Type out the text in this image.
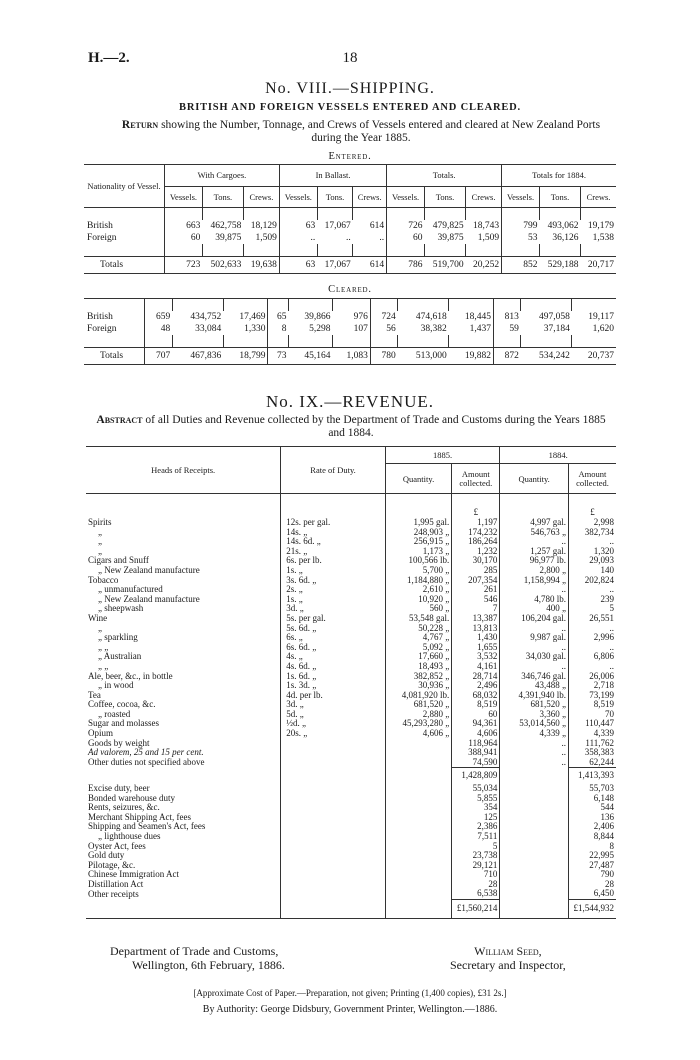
H.—2.	18
No. VIII.—SHIPPING.
BRITISH AND FOREIGN VESSELS ENTERED AND CLEARED.
Return showing the Number, Tonnage, and Crews of Vessels entered and cleared at New Zealand Ports during the Year 1885.
Entered.
Nationality of Vessel.	With Cargoes.			In Ballast.			Totals.			Totals for 1884.		
	Vessels.	Tons.	Crews.	Vessels.	Tons.	Crews.	Vessels.	Tons.	Crews.	Vessels.	Tons.	Crews.

British	663	462,758	18,129	63	17,067	614	726	479,825	18,743	799	493,062	19,179
Foreign	60	39,875	1,509	..	..	..	60	39,875	1,509	53	36,126	1,538

Totals	723	502,633	19,638	63	17,067	614	786	519,700	20,252	852	529,188	20,717
Cleared.

British	659	434,752	17,469	65	39,866	976	724	474,618	18,445	813	497,058	19,117
Foreign	48	33,084	1,330	8	5,298	107	56	38,382	1,437	59	37,184	1,620

Totals	707	467,836	18,799	73	45,164	1,083	780	513,000	19,882	872	534,242	20,737
No. IX.—REVENUE.
Abstract of all Duties and Revenue collected by the Department of Trade and Customs during the Years 1885 and 1884.
Heads of Receipts.	Rate of Duty.	1885.		1884.	
		Quantity.	Amount collected.	Quantity.	Amount collected.
			£		£
Spirits	12s. per gal.	1,995 gal.	1,197	4,997 gal.	2,998
„	14s. „	248,903 „	174,232	546,763 „	382,734
„	14s. 6d. „	256,915 „	186,264	..	..
„	21s. „	1,173 „	1,232	1,257 gal.	1,320
Cigars and Snuff	6s. per lb.	100,566 lb.	30,170	96,977 lb.	29,093
„ New Zealand manufacture	1s. „	5,700 „	285	2,800 „	140
Tobacco	3s. 6d. „	1,184,880 „	207,354	1,158,994 „	202,824
„ unmanufactured	2s. „	2,610 „	261	..	..
„ New Zealand manufacture	1s. „	10,920 „	546	4,780 lb.	239
„ sheepwash	3d. „	560 „	7	400 „	5
Wine	5s. per gal.	53,548 gal.	13,387	106,204 gal.	26,551
„	5s. 6d. „	50,228 „	13,813	..	..
„ sparkling	6s. „	4,767 „	1,430	9,987 gal.	2,996
„ „	6s. 6d. „	5,092 „	1,655	..	..
„ Australian	4s. „	17,660 „	3,532	34,030 gal.	6,806
„ „	4s. 6d. „	18,493 „	4,161	..	..
Ale, beer, &c., in bottle	1s. 6d. „	382,852 „	28,714	346,746 gal.	26,006
„ in wood	1s. 3d. „	30,936 „	2,496	43,488 „	2,718
Tea	4d. per lb.	4,081,920 lb.	68,032	4,391,940 lb.	73,199
Coffee, cocoa, &c.	3d. „	681,520 „	8,519	681,520 „	8,519
„ roasted	5d. „	2,880 „	60	3,360 „	70
Sugar and molasses	½d. „	45,293,280 „	94,361	53,014,560 „	110,447
Opium	20s. „	4,606 „	4,606	4,339 „	4,339
Goods by weight			118,964	..	111,762
Ad valorem, 25 and 15 per cent.			388,941	..	358,383
Other duties not specified above			74,590	..	62,244
			1,428,809		1,413,393
Excise duty, beer			55,034		55,703
Bonded warehouse duty			5,855		6,148
Rents, seizures, &c.			354		544
Merchant Shipping Act, fees			125		136
Shipping and Seamen's Act, fees			2,386		2,406
„ lighthouse dues			7,511		8,844
Oyster Act, fees			5		8
Gold duty			23,738		22,995
Pilotage, &c.			29,121		27,487
Chinese Immigration Act			710		790
Distillation Act			28		28
Other receipts			6,538		6,450
			£1,560,214		£1,544,932
Department of Trade and Customs,
Wellington, 6th February, 1886.
William Seed,
Secretary and Inspector,
[Approximate Cost of Paper.—Preparation, not given; Printing (1,400 copies), £31 2s.]
By Authority: George Didsbury, Government Printer, Wellington.—1886.
